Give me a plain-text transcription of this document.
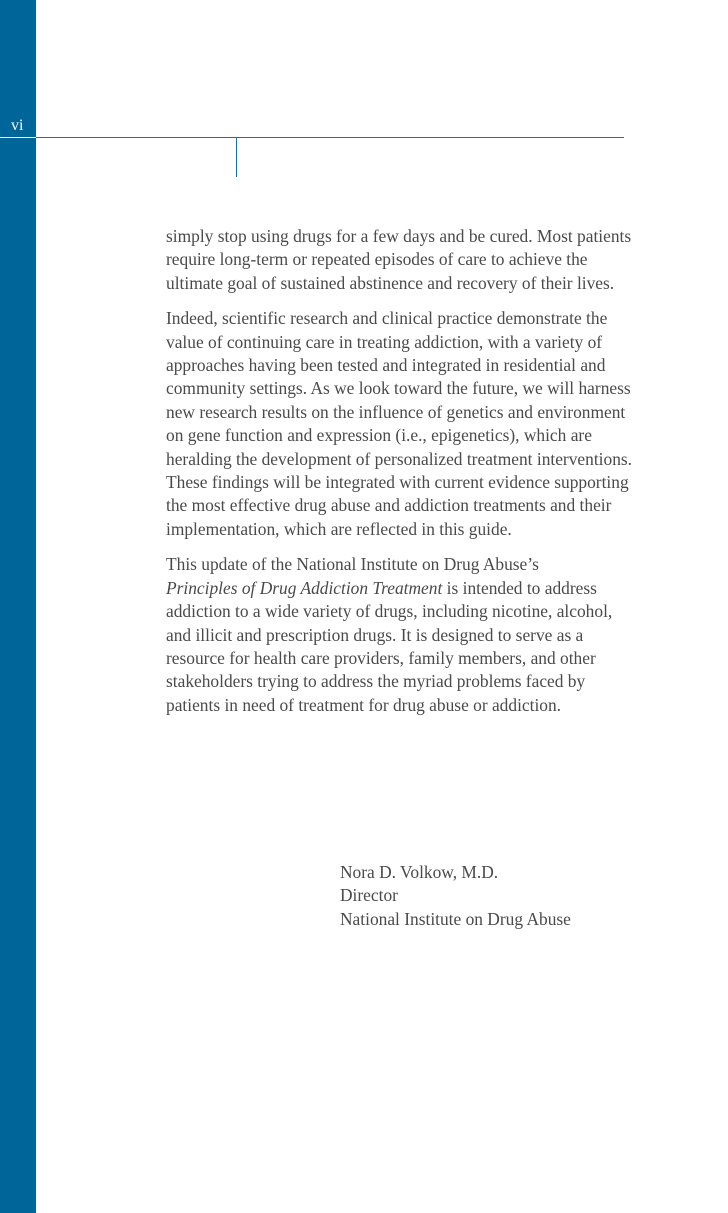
vi

simply stop using drugs for a few days and be cured. Most patients require long-term or repeated episodes of care to achieve the ultimate goal of sustained abstinence and recovery of their lives.

Indeed, scientific research and clinical practice demonstrate the value of continuing care in treating addiction, with a variety of approaches having been tested and integrated in residential and community settings. As we look toward the future, we will harness new research results on the influence of genetics and environment on gene function and expression (i.e., epigenetics), which are heralding the development of personalized treatment interventions. These findings will be integrated with current evidence supporting the most effective drug abuse and addiction treatments and their implementation, which are reflected in this guide.

This update of the National Institute on Drug Abuse’s
Principles of Drug Addiction Treatment is intended to address addiction to a wide variety of drugs, including nicotine, alcohol, and illicit and prescription drugs. It is designed to serve as a resource for health care providers, family members, and other stakeholders trying to address the myriad problems faced by patients in need of treatment for drug abuse or addiction.

Nora D. Volkow, M.D.
Director
National Institute on Drug Abuse
